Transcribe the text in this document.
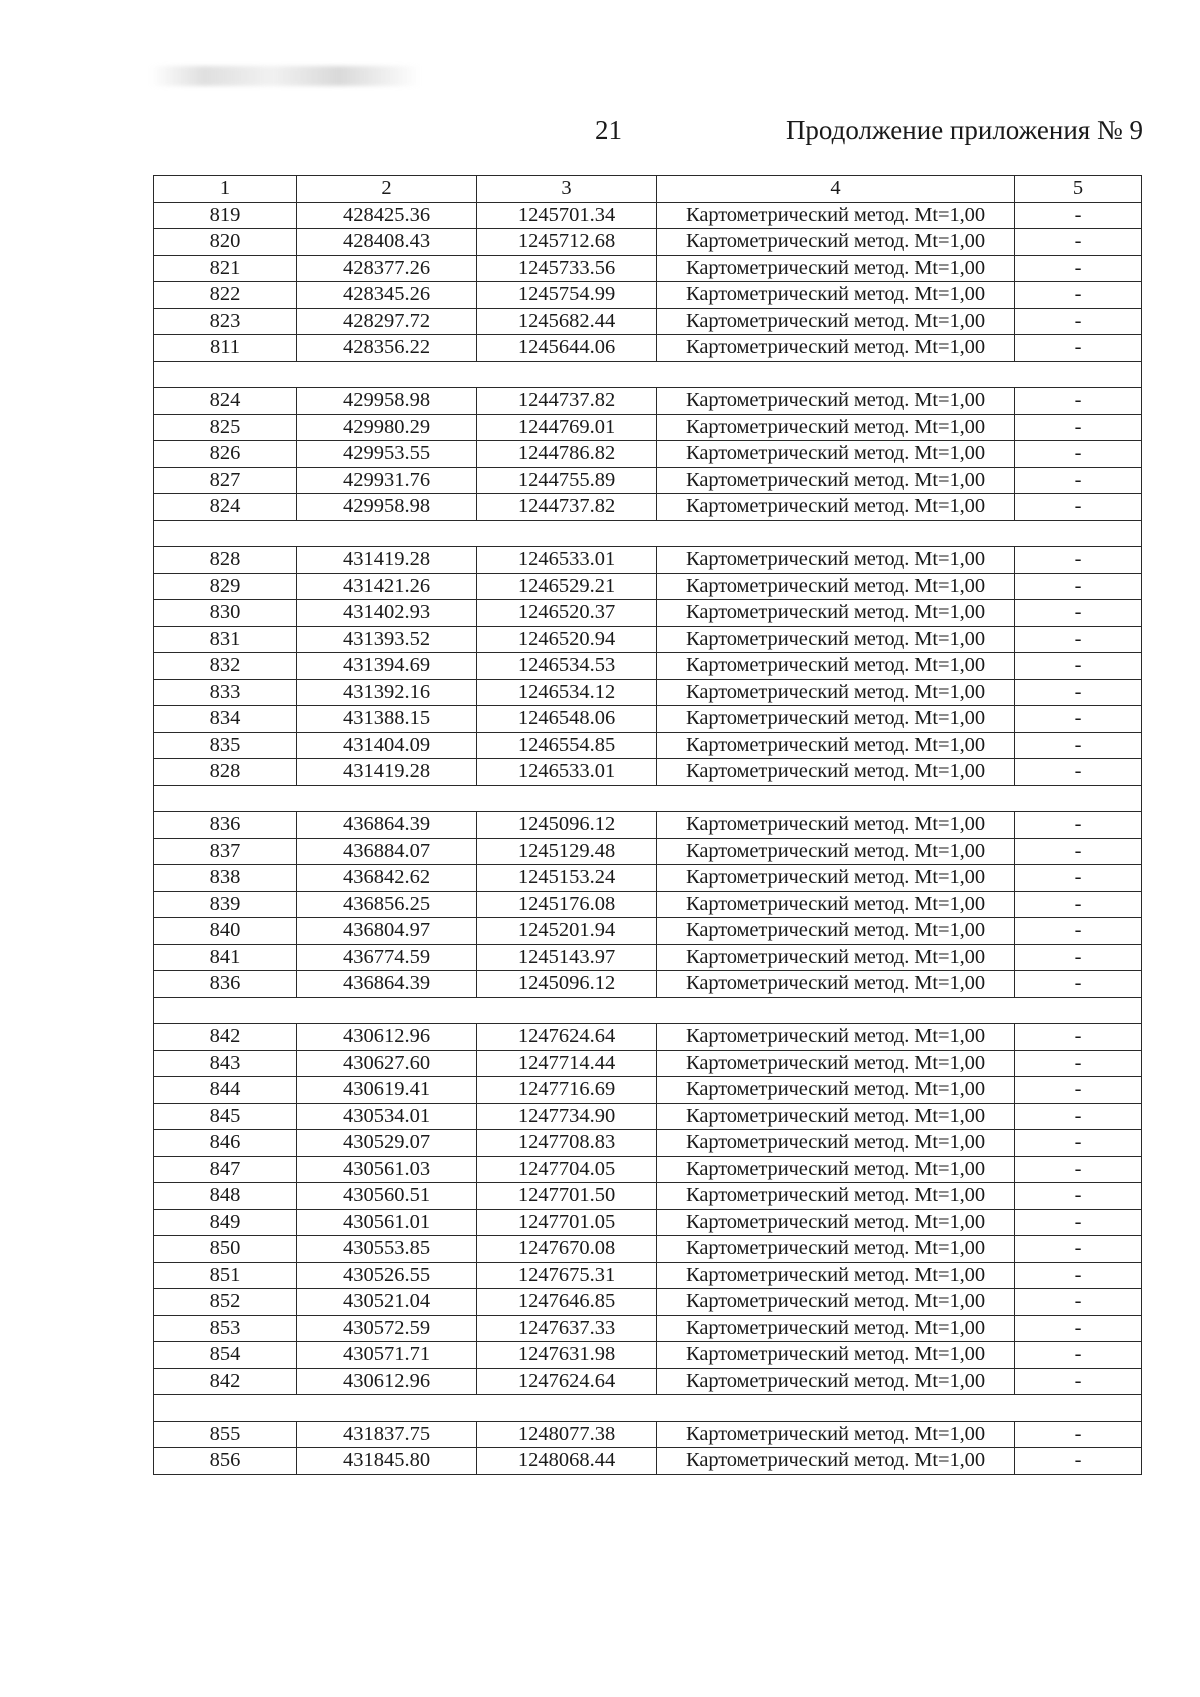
21	Продолжение приложения № 9
1	2	3	4	5
819	428425.36	1245701.34	Картометрический метод. Mt=1,00	-
820	428408.43	1245712.68	Картометрический метод. Mt=1,00	-
821	428377.26	1245733.56	Картометрический метод. Mt=1,00	-
822	428345.26	1245754.99	Картометрический метод. Mt=1,00	-
823	428297.72	1245682.44	Картометрический метод. Mt=1,00	-
811	428356.22	1245644.06	Картометрический метод. Mt=1,00	-

824	429958.98	1244737.82	Картометрический метод. Mt=1,00	-
825	429980.29	1244769.01	Картометрический метод. Mt=1,00	-
826	429953.55	1244786.82	Картометрический метод. Mt=1,00	-
827	429931.76	1244755.89	Картометрический метод. Mt=1,00	-
824	429958.98	1244737.82	Картометрический метод. Mt=1,00	-

828	431419.28	1246533.01	Картометрический метод. Mt=1,00	-
829	431421.26	1246529.21	Картометрический метод. Mt=1,00	-
830	431402.93	1246520.37	Картометрический метод. Mt=1,00	-
831	431393.52	1246520.94	Картометрический метод. Mt=1,00	-
832	431394.69	1246534.53	Картометрический метод. Mt=1,00	-
833	431392.16	1246534.12	Картометрический метод. Mt=1,00	-
834	431388.15	1246548.06	Картометрический метод. Mt=1,00	-
835	431404.09	1246554.85	Картометрический метод. Mt=1,00	-
828	431419.28	1246533.01	Картометрический метод. Mt=1,00	-

836	436864.39	1245096.12	Картометрический метод. Mt=1,00	-
837	436884.07	1245129.48	Картометрический метод. Mt=1,00	-
838	436842.62	1245153.24	Картометрический метод. Mt=1,00	-
839	436856.25	1245176.08	Картометрический метод. Mt=1,00	-
840	436804.97	1245201.94	Картометрический метод. Mt=1,00	-
841	436774.59	1245143.97	Картометрический метод. Mt=1,00	-
836	436864.39	1245096.12	Картометрический метод. Mt=1,00	-

842	430612.96	1247624.64	Картометрический метод. Mt=1,00	-
843	430627.60	1247714.44	Картометрический метод. Mt=1,00	-
844	430619.41	1247716.69	Картометрический метод. Mt=1,00	-
845	430534.01	1247734.90	Картометрический метод. Mt=1,00	-
846	430529.07	1247708.83	Картометрический метод. Mt=1,00	-
847	430561.03	1247704.05	Картометрический метод. Mt=1,00	-
848	430560.51	1247701.50	Картометрический метод. Mt=1,00	-
849	430561.01	1247701.05	Картометрический метод. Mt=1,00	-
850	430553.85	1247670.08	Картометрический метод. Mt=1,00	-
851	430526.55	1247675.31	Картометрический метод. Mt=1,00	-
852	430521.04	1247646.85	Картометрический метод. Mt=1,00	-
853	430572.59	1247637.33	Картометрический метод. Mt=1,00	-
854	430571.71	1247631.98	Картометрический метод. Mt=1,00	-
842	430612.96	1247624.64	Картометрический метод. Mt=1,00	-

855	431837.75	1248077.38	Картометрический метод. Mt=1,00	-
856	431845.80	1248068.44	Картометрический метод. Mt=1,00	-
